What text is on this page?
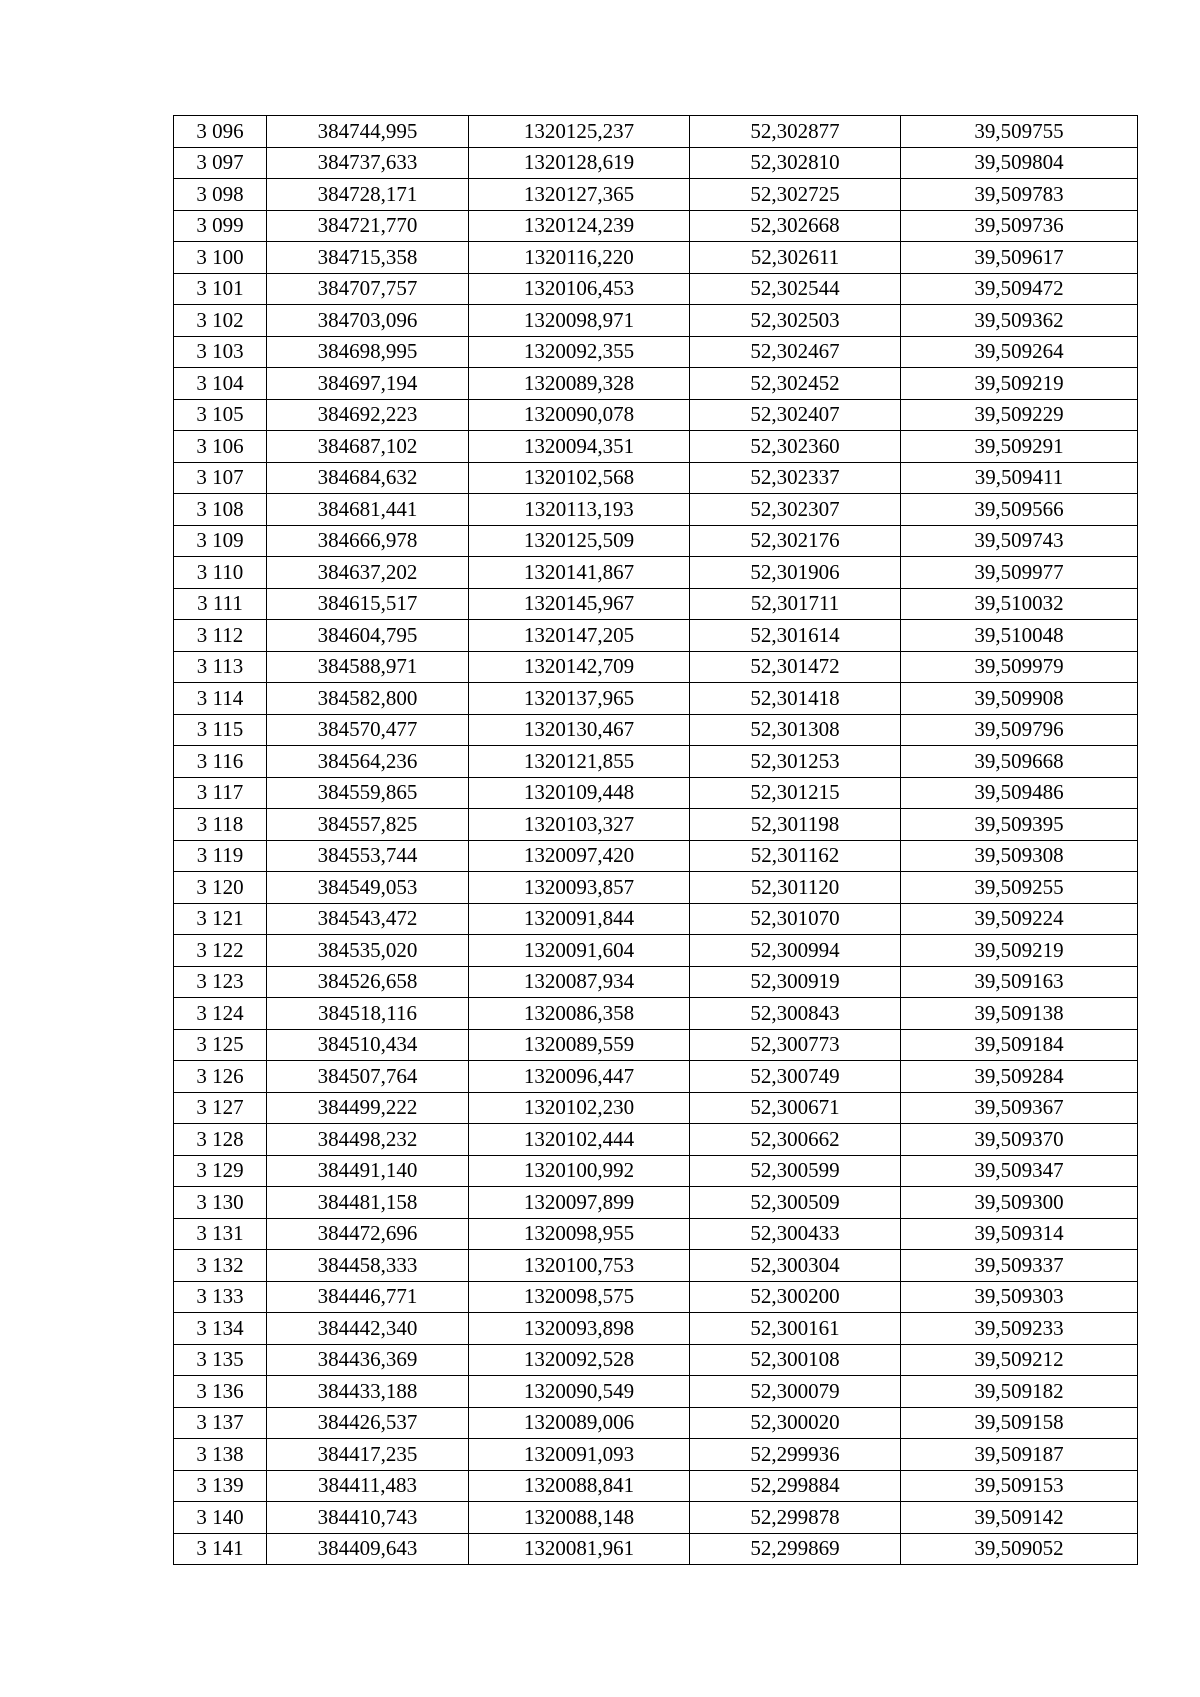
3 096	384744,995	1320125,237	52,302877	39,509755
3 097	384737,633	1320128,619	52,302810	39,509804
3 098	384728,171	1320127,365	52,302725	39,509783
3 099	384721,770	1320124,239	52,302668	39,509736
3 100	384715,358	1320116,220	52,302611	39,509617
3 101	384707,757	1320106,453	52,302544	39,509472
3 102	384703,096	1320098,971	52,302503	39,509362
3 103	384698,995	1320092,355	52,302467	39,509264
3 104	384697,194	1320089,328	52,302452	39,509219
3 105	384692,223	1320090,078	52,302407	39,509229
3 106	384687,102	1320094,351	52,302360	39,509291
3 107	384684,632	1320102,568	52,302337	39,509411
3 108	384681,441	1320113,193	52,302307	39,509566
3 109	384666,978	1320125,509	52,302176	39,509743
3 110	384637,202	1320141,867	52,301906	39,509977
3 111	384615,517	1320145,967	52,301711	39,510032
3 112	384604,795	1320147,205	52,301614	39,510048
3 113	384588,971	1320142,709	52,301472	39,509979
3 114	384582,800	1320137,965	52,301418	39,509908
3 115	384570,477	1320130,467	52,301308	39,509796
3 116	384564,236	1320121,855	52,301253	39,509668
3 117	384559,865	1320109,448	52,301215	39,509486
3 118	384557,825	1320103,327	52,301198	39,509395
3 119	384553,744	1320097,420	52,301162	39,509308
3 120	384549,053	1320093,857	52,301120	39,509255
3 121	384543,472	1320091,844	52,301070	39,509224
3 122	384535,020	1320091,604	52,300994	39,509219
3 123	384526,658	1320087,934	52,300919	39,509163
3 124	384518,116	1320086,358	52,300843	39,509138
3 125	384510,434	1320089,559	52,300773	39,509184
3 126	384507,764	1320096,447	52,300749	39,509284
3 127	384499,222	1320102,230	52,300671	39,509367
3 128	384498,232	1320102,444	52,300662	39,509370
3 129	384491,140	1320100,992	52,300599	39,509347
3 130	384481,158	1320097,899	52,300509	39,509300
3 131	384472,696	1320098,955	52,300433	39,509314
3 132	384458,333	1320100,753	52,300304	39,509337
3 133	384446,771	1320098,575	52,300200	39,509303
3 134	384442,340	1320093,898	52,300161	39,509233
3 135	384436,369	1320092,528	52,300108	39,509212
3 136	384433,188	1320090,549	52,300079	39,509182
3 137	384426,537	1320089,006	52,300020	39,509158
3 138	384417,235	1320091,093	52,299936	39,509187
3 139	384411,483	1320088,841	52,299884	39,509153
3 140	384410,743	1320088,148	52,299878	39,509142
3 141	384409,643	1320081,961	52,299869	39,509052
